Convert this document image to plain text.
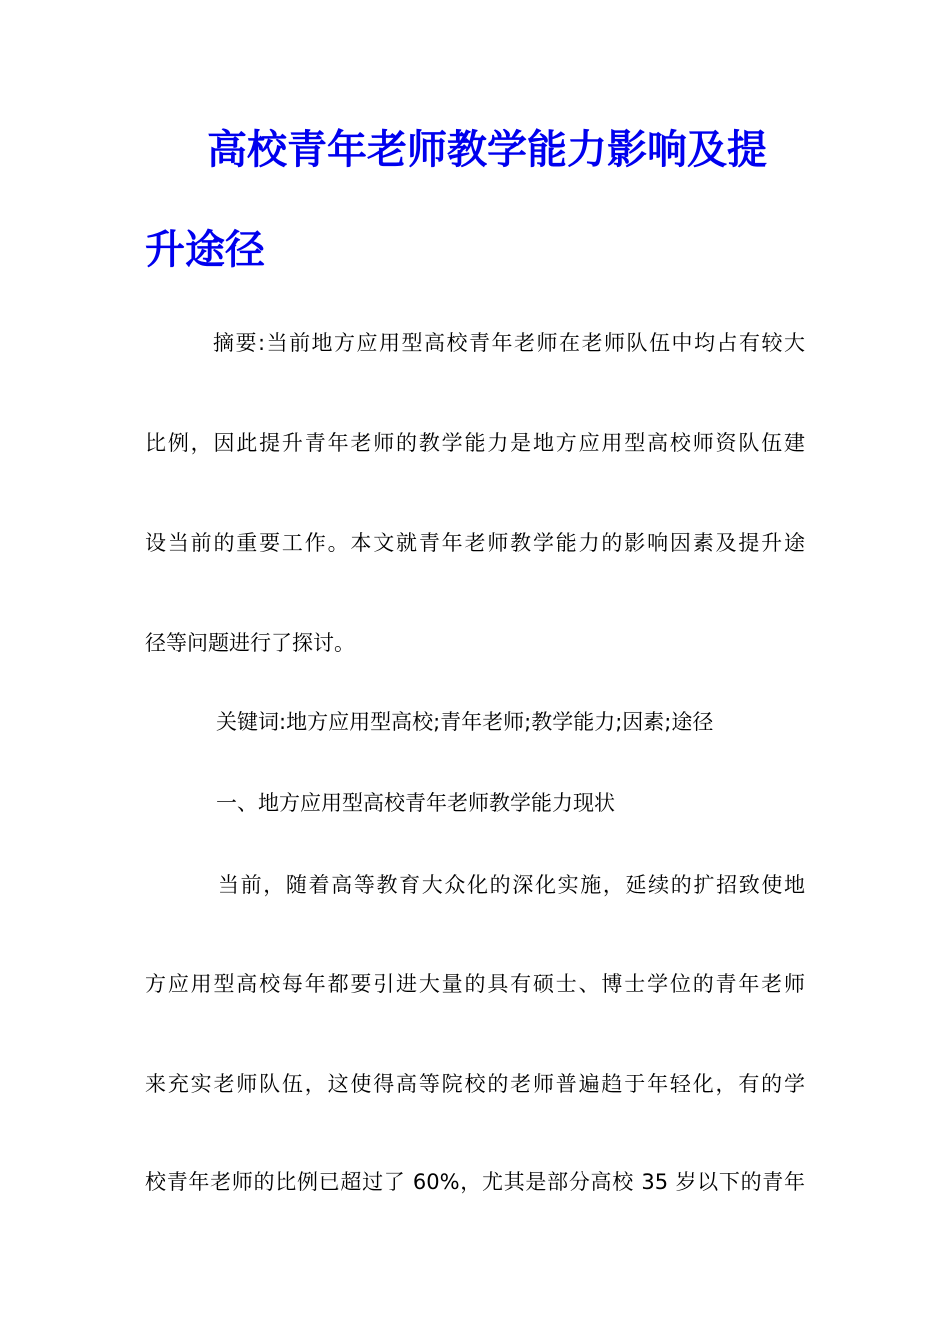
高校青年老师教学能力影响及提
升途径
摘要:当前地方应用型高校青年老师在老师队伍中均占有较大
比例，因此提升青年老师的教学能力是地方应用型高校师资队伍建
设当前的重要工作。本文就青年老师教学能力的影响因素及提升途
径等问题进行了探讨。
关键词:地方应用型高校;青年老师;教学能力;因素;途径
一、地方应用型高校青年老师教学能力现状
当前，随着高等教育大众化的深化实施，延续的扩招致使地
方应用型高校每年都要引进大量的具有硕士、博士学位的青年老师
来充实老师队伍，这使得高等院校的老师普遍趋于年轻化，有的学
校青年老师的比例已超过了 60%，尤其是部分高校 35 岁以下的青年
